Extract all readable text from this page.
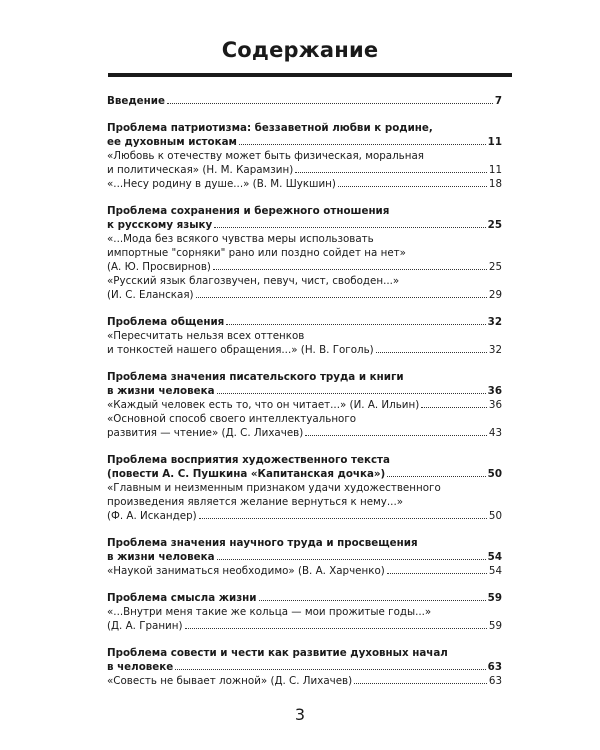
Содержание
Введение	7
Проблема патриотизма: беззаветной любви к родине,
ее духовным истокам	11
«Любовь к отечеству может быть физическая, моральная
и политическая» (Н. М. Карамзин)	11
«...Несу родину в душе...» (В. М. Шукшин)	18
Проблема сохранения и бережного отношения
к русскому языку	25
«...Мода без всякого чувства меры использовать
импортные "сорняки" рано или поздно сойдет на нет»
(А. Ю. Просвирнов)	25
«Русский язык благозвучен, певуч, чист, свободен...»
(И. С. Еланская)	29
Проблема общения	32
«Пересчитать нельзя всех оттенков
и тонкостей нашего обращения...» (Н. В. Гоголь)	32
Проблема значения писательского труда и книги
в жизни человека	36
«Каждый человек есть то, что он читает...» (И. А. Ильин)	36
«Основной способ своего интеллектуального
развития — чтение» (Д. С. Лихачев)	43
Проблема восприятия художественного текста
(повести А. С. Пушкина «Капитанская дочка»)	50
«Главным и неизменным признаком удачи художественного
произведения является желание вернуться к нему...»
(Ф. А. Искандер)	50
Проблема значения научного труда и просвещения
в жизни человека	54
«Наукой заниматься необходимо» (В. А. Харченко)	54
Проблема смысла жизни	59
«...Внутри меня такие же кольца — мои прожитые годы...»
(Д. А. Гранин)	59
Проблема совести и чести как развитие духовных начал
в человеке	63
«Совесть не бывает ложной» (Д. С. Лихачев)	63
3
